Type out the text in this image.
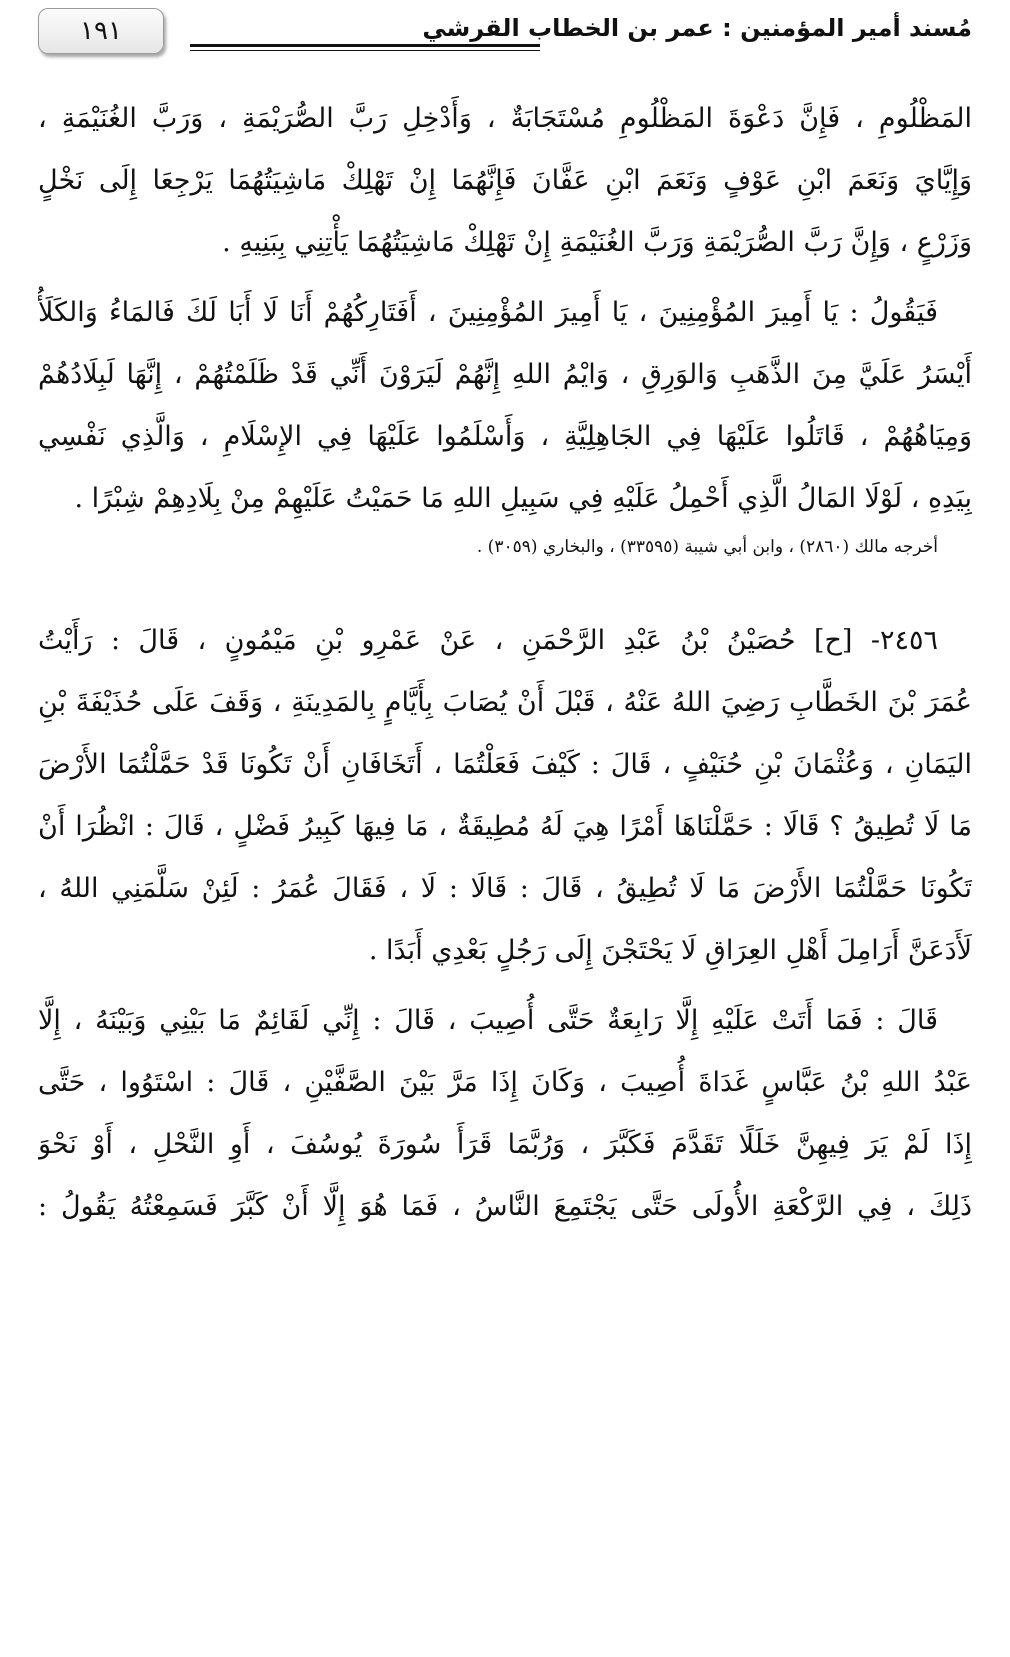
١٩١	مُسند أمير المؤمنين : عمر بن الخطاب القرشي
المَظْلُومِ ، فَإِنَّ دَعْوَةَ المَظْلُومِ مُسْتَجَابَةٌ ، وَأَدْخِلِ رَبَّ الصُّرَيْمَةِ ، وَرَبَّ الغُنَيْمَةِ ،
وَإِيَّايَ وَنَعَمَ ابْنِ عَوْفٍ وَنَعَمَ ابْنِ عَفَّانَ فَإِنَّهُمَا إِنْ تَهْلِكْ مَاشِيَتُهُمَا يَرْجِعَا إِلَى نَخْلٍ
وَزَرْعٍ ، وَإِنَّ رَبَّ الصُّرَيْمَةِ وَرَبَّ الغُنَيْمَةِ إِنْ تَهْلِكْ مَاشِيَتُهُمَا يَأْتِنِي بِبَنِيهِ .
فَيَقُولُ : يَا أَمِيرَ المُؤْمِنِينَ ، يَا أَمِيرَ المُؤْمِنِينَ ، أَفَتَارِكُهُمْ أَنَا لَا أَبَا لَكَ فَالمَاءُ وَالكَلَأُ
أَيْسَرُ عَلَيَّ مِنَ الذَّهَبِ وَالوَرِقِ ، وَايْمُ اللهِ إِنَّهُمْ لَيَرَوْنَ أَنِّي قَدْ ظَلَمْتُهُمْ ، إِنَّهَا لَبِلَادُهُمْ
وَمِيَاهُهُمْ ، قَاتَلُوا عَلَيْهَا فِي الجَاهِلِيَّةِ ، وَأَسْلَمُوا عَلَيْهَا فِي الإِسْلَامِ ، وَالَّذِي نَفْسِي
بِيَدِهِ ، لَوْلَا المَالُ الَّذِي أَحْمِلُ عَلَيْهِ فِي سَبِيلِ اللهِ مَا حَمَيْتُ عَلَيْهِمْ مِنْ بِلَادِهِمْ شِبْرًا .
أخرجه مالك (٢٨٦٠) ، وابن أبي شيبة (٣٣٥٩٥) ، والبخاري (٣٠٥٩) .
٢٤٥٦- [ح] حُصَيْنُ بْنُ عَبْدِ الرَّحْمَنِ ، عَنْ عَمْرِو بْنِ مَيْمُونٍ ، قَالَ : رَأَيْتُ
عُمَرَ بْنَ الخَطَّابِ رَضِيَ اللهُ عَنْهُ ، قَبْلَ أَنْ يُصَابَ بِأَيَّامٍ بِالمَدِينَةِ ، وَقَفَ عَلَى حُذَيْفَةَ بْنِ
اليَمَانِ ، وَعُثْمَانَ بْنِ حُنَيْفٍ ، قَالَ : كَيْفَ فَعَلْتُمَا ، أَتَخَافَانِ أَنْ تَكُونَا قَدْ حَمَّلْتُمَا الأَرْضَ
مَا لَا تُطِيقُ ؟ قَالَا : حَمَّلْنَاهَا أَمْرًا هِيَ لَهُ مُطِيقَةٌ ، مَا فِيهَا كَبِيرُ فَضْلٍ ، قَالَ : انْظُرَا أَنْ
تَكُونَا حَمَّلْتُمَا الأَرْضَ مَا لَا تُطِيقُ ، قَالَ : قَالَا : لَا ، فَقَالَ عُمَرُ : لَئِنْ سَلَّمَنِي اللهُ ،
لَأَدَعَنَّ أَرَامِلَ أَهْلِ العِرَاقِ لَا يَحْتَجْنَ إِلَى رَجُلٍ بَعْدِي أَبَدًا .
قَالَ : فَمَا أَتَتْ عَلَيْهِ إِلَّا رَابِعَةٌ حَتَّى أُصِيبَ ، قَالَ : إِنِّي لَقَائِمٌ مَا بَيْنِي وَبَيْنَهُ ، إِلَّا
عَبْدُ اللهِ بْنُ عَبَّاسٍ غَدَاةَ أُصِيبَ ، وَكَانَ إِذَا مَرَّ بَيْنَ الصَّفَّيْنِ ، قَالَ : اسْتَوُوا ، حَتَّى
إِذَا لَمْ يَرَ فِيهِنَّ خَلَلًا تَقَدَّمَ فَكَبَّرَ ، وَرُبَّمَا قَرَأَ سُورَةَ يُوسُفَ ، أَوِ النَّحْلِ ، أَوْ نَحْوَ
ذَلِكَ ، فِي الرَّكْعَةِ الأُولَى حَتَّى يَجْتَمِعَ النَّاسُ ، فَمَا هُوَ إِلَّا أَنْ كَبَّرَ فَسَمِعْتُهُ يَقُولُ :
